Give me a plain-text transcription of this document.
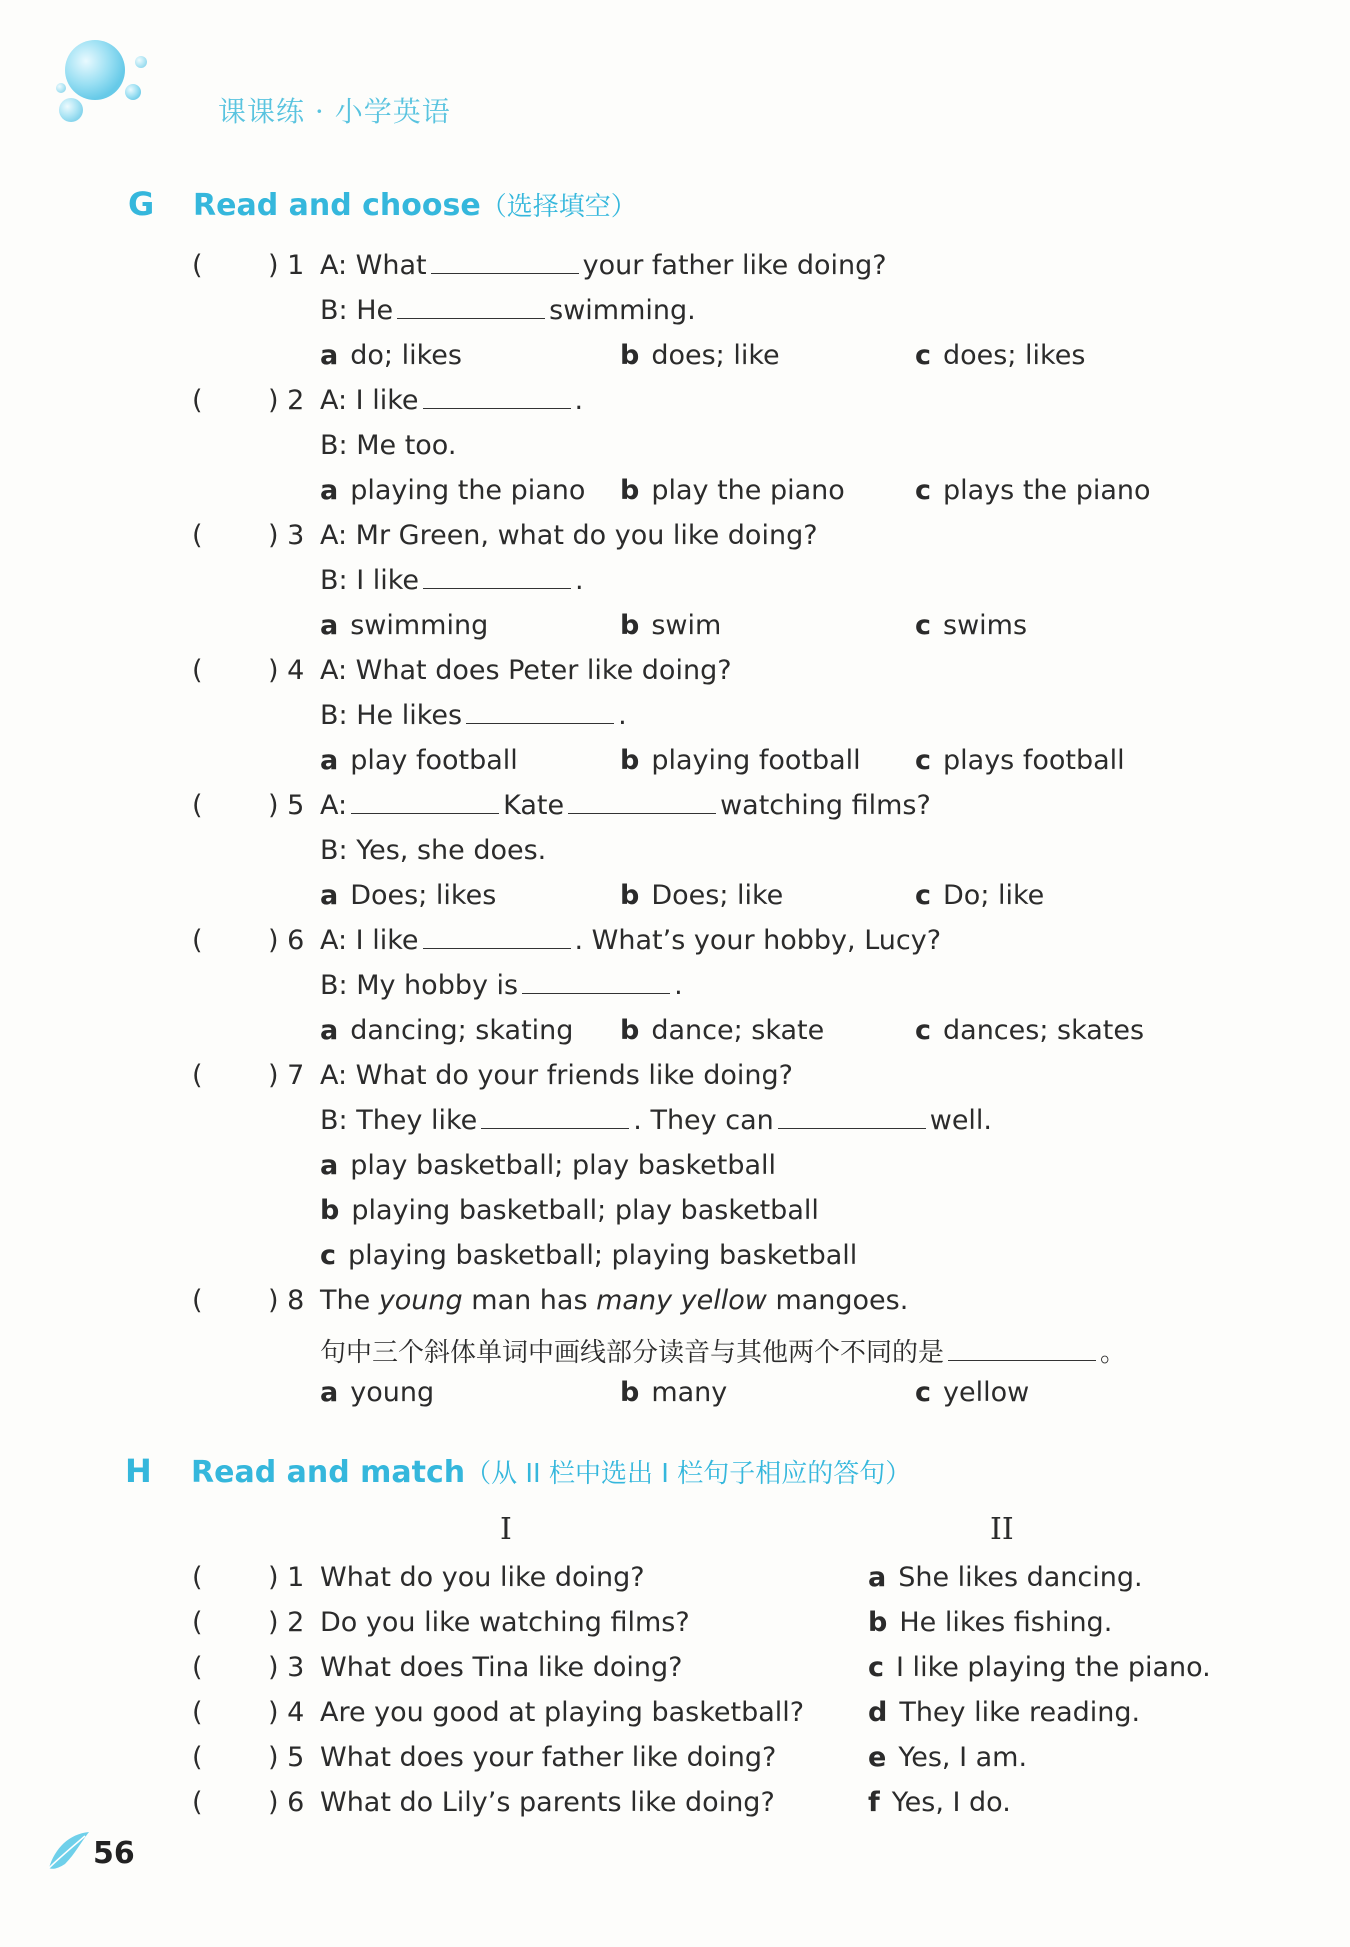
课课练 · 小学英语
G Read and choose（选择填空）
( ) 1 A: What	your father like doing?
B: He	swimming.
a do; likes	b does; like	c does; likes
( ) 2 A: I like	.
B: Me too.
a playing the piano b play the piano	c plays the piano
( ) 3 A: Mr Green, what do you like doing?
B: I like	.
a swimming	b swim	c swims
( ) 4 A: What does Peter like doing?
B: He likes	.
a play football	b playing football c plays football
( ) 5 A:	Kate	watching films?
B: Yes, she does.
a Does; likes	b Does; like	c Do; like
( ) 6 A: I like	. What’s your hobby, Lucy?
B: My hobby is	.
a dancing; skating b dance; skate	c dances; skates
( ) 7 A: What do your friends like doing?
B: They like	. They can	well.
a play basketball; play basketball
b playing basketball; play basketball
c playing basketball; playing basketball
( ) 8 The young man has many yellow mangoes.
句中三个斜体单词中画线部分读音与其他两个不同的是	。
a young	b many	c yellow
H Read and match（从 II 栏中选出 I 栏句子相应的答句）
I	II
( ) 1 What do you like doing?	a She likes dancing.
( ) 2 Do you like watching films?	b He likes fishing.
( ) 3 What does Tina like doing?	c I like playing the piano.
( ) 4 Are you good at playing basketball? d They like reading.
( ) 5 What does your father like doing?	e Yes, I am.
( ) 6 What do Lily’s parents like doing?	f Yes, I do.
56
